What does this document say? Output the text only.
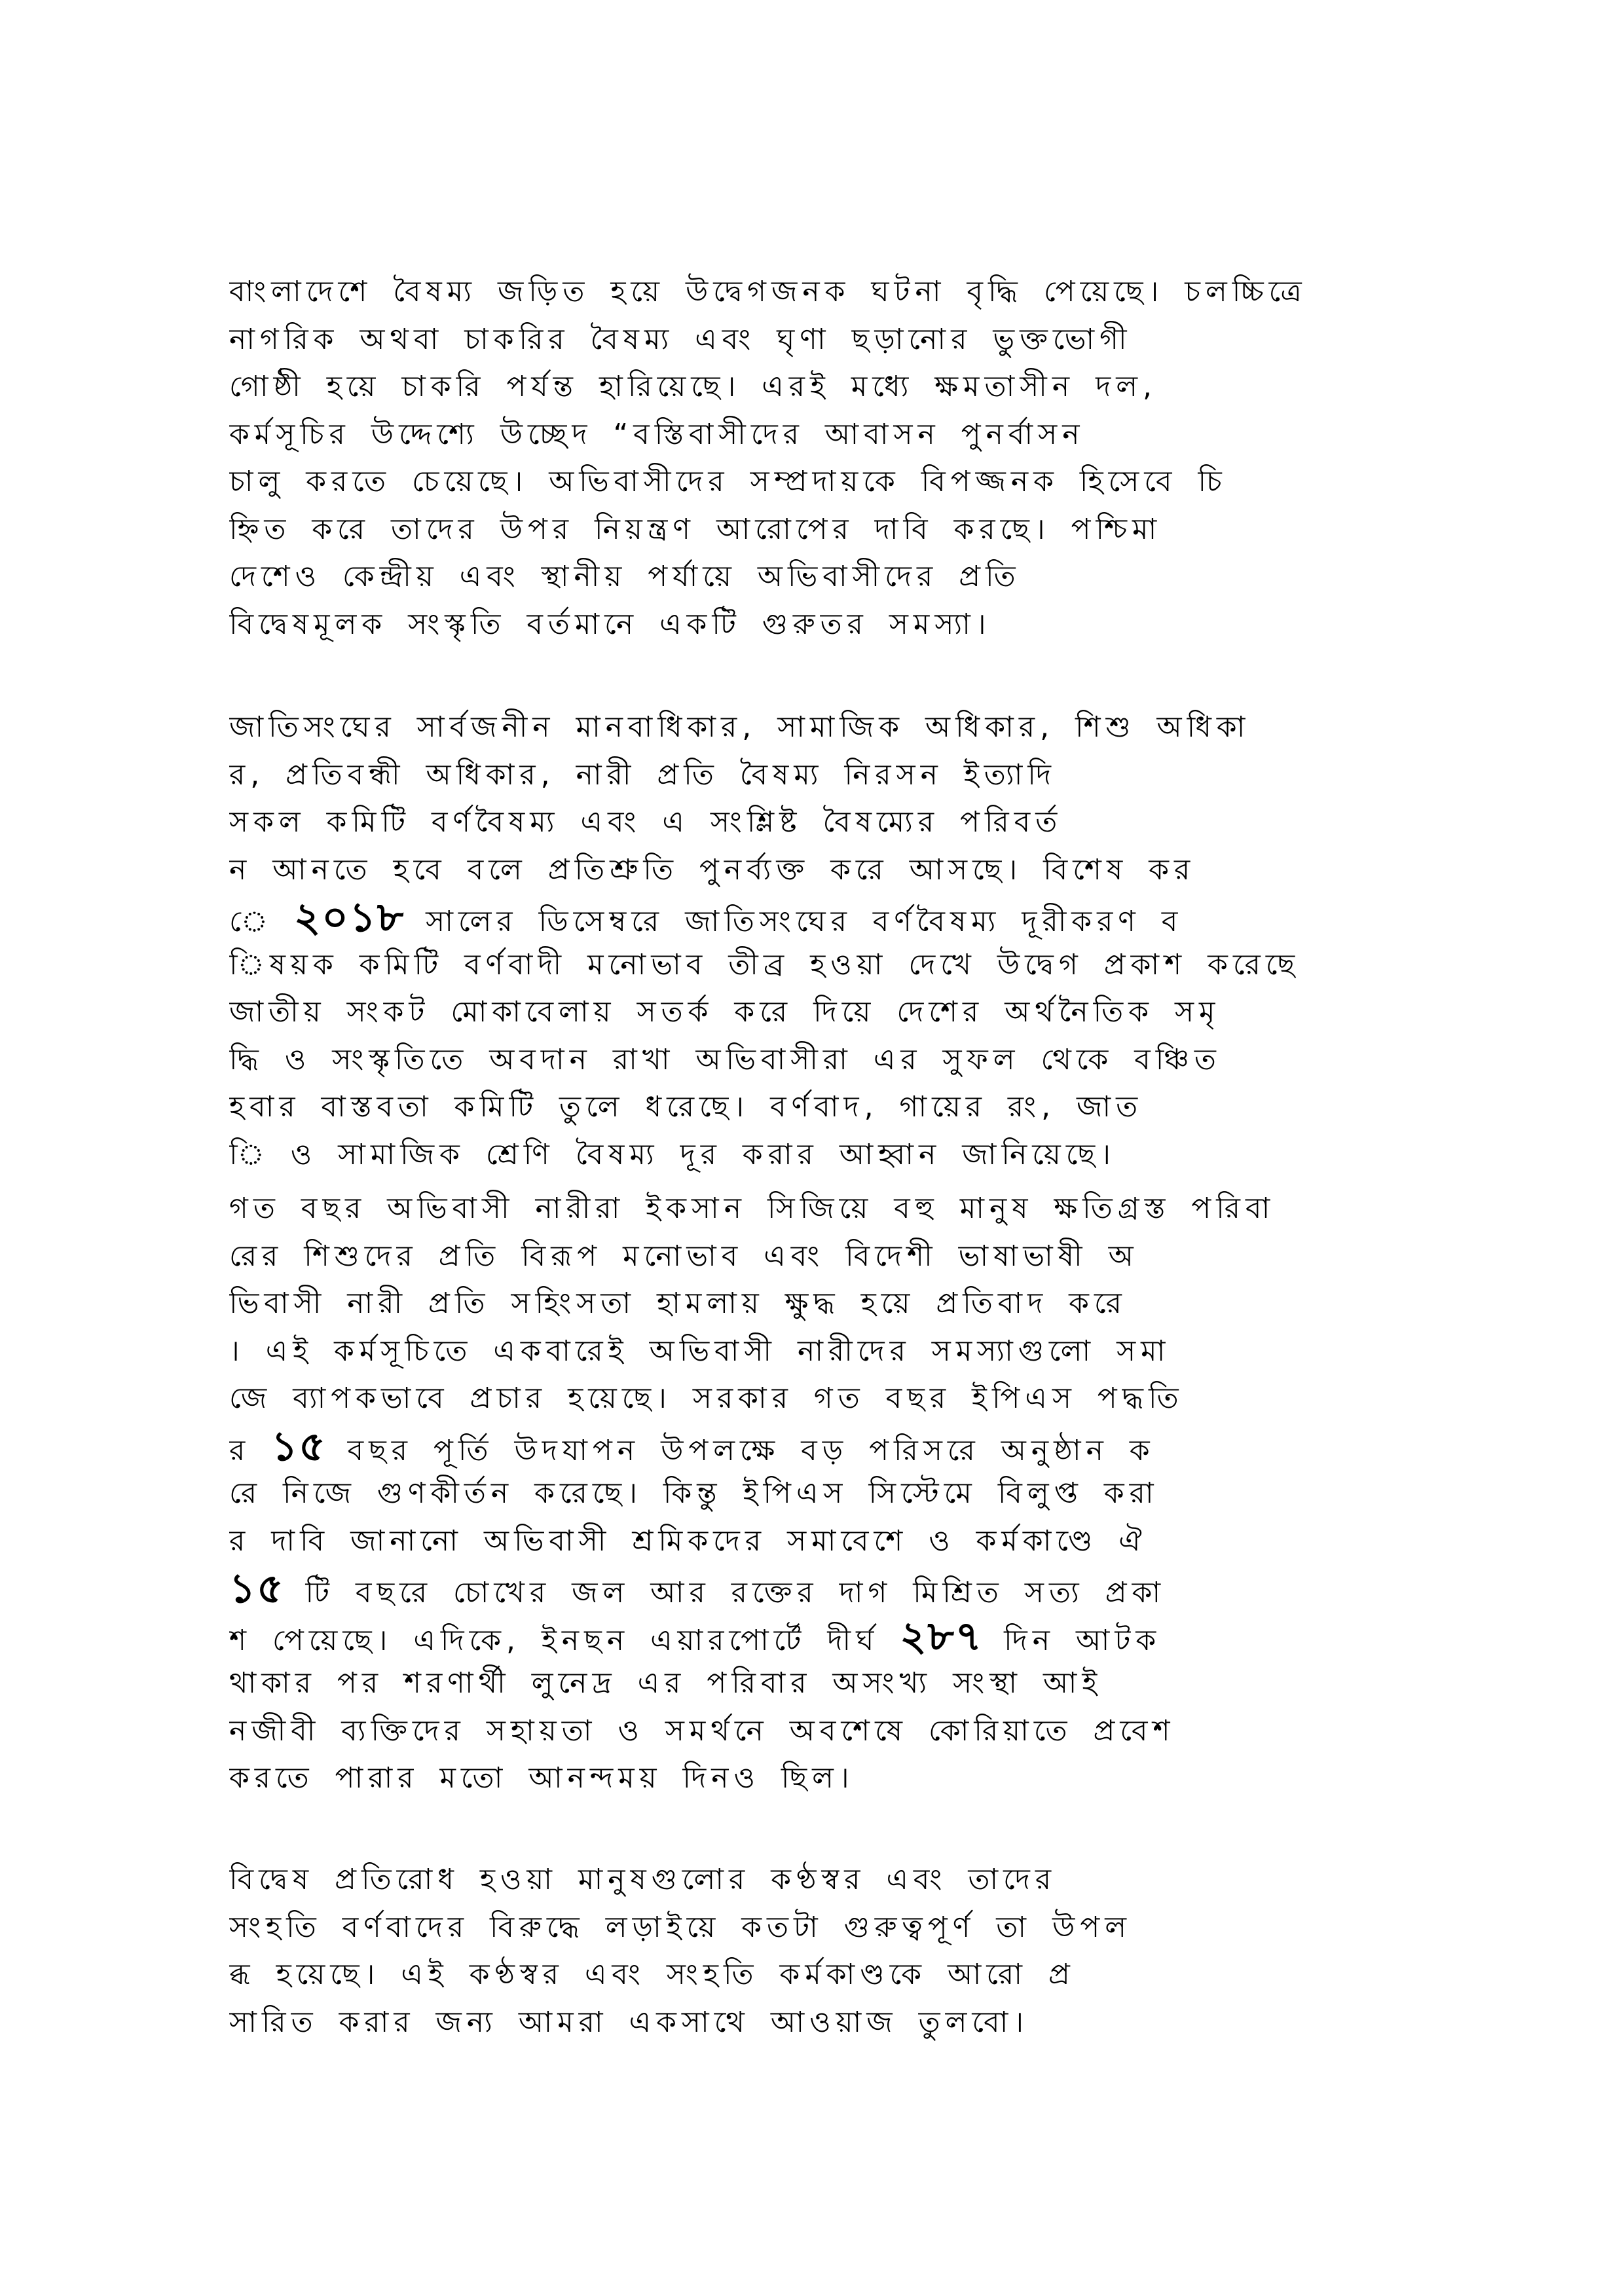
বাংলাদেশে বৈষম্য জড়িত হয়ে উদ্বেগজনক ঘটনা বৃদ্ধি পেয়েছে। চলচ্চিত্রে
নাগরিক অথবা চাকরির বৈষম্য এবং ঘৃণা ছড়ানোর ভুক্তভোগী
গোষ্ঠী হয়ে চাকরি পর্যন্ত হারিয়েছে। এরই মধ্যে ক্ষমতাসীন দল,
কর্মসূচির উদ্দেশ্যে উচ্ছেদ “বস্তিবাসীদের আবাসন পুনর্বাসন
চালু করতে চেয়েছে। অভিবাসীদের সম্প্রদায়কে বিপজ্জনক হিসেবে চি
হ্নিত করে তাদের উপর নিয়ন্ত্রণ আরোপের দাবি করছে। পশ্চিমা
দেশেও কেন্দ্রীয় এবং স্থানীয় পর্যায়ে অভিবাসীদের প্রতি
বিদ্বেষমূলক সংস্কৃতি বর্তমানে একটি গুরুতর সমস্যা।
জাতিসংঘের সার্বজনীন মানবাধিকার, সামাজিক অধিকার, শিশু অধিকা
র, প্রতিবন্ধী অধিকার, নারী প্রতি বৈষম্য নিরসন ইত্যাদি
সকল কমিটি বর্ণবৈষম্য এবং এ সংশ্লিষ্ট বৈষম্যের পরিবর্ত
ন আনতে হবে বলে প্রতিশ্রুতি পুনর্ব্যক্ত করে আসছে। বিশেষ কর
ে ২০১৮ সালের ডিসেম্বরে জাতিসংঘের বর্ণবৈষম্য দূরীকরণ ব
িষয়ক কমিটি বর্ণবাদী মনোভাব তীব্র হওয়া দেখে উদ্বেগ প্রকাশ করেছে
জাতীয় সংকট মোকাবেলায় সতর্ক করে দিয়ে দেশের অর্থনৈতিক সমৃ
দ্ধি ও সংস্কৃতিতে অবদান রাখা অভিবাসীরা এর সুফল থেকে বঞ্চিত
হবার বাস্তবতা কমিটি তুলে ধরেছে। বর্ণবাদ, গায়ের রং, জাত
ি ও সামাজিক শ্রেণি বৈষম্য দূর করার আহ্বান জানিয়েছে।
গত বছর অভিবাসী নারীরা ইকসান সিজিয়ে বহু মানুষ ক্ষতিগ্রস্ত পরিবা
রের শিশুদের প্রতি বিরূপ মনোভাব এবং বিদেশী ভাষাভাষী অ
ভিবাসী নারী প্রতি সহিংসতা হামলায় ক্ষুদ্ধ হয়ে প্রতিবাদ করে
। এই কর্মসূচিতে একবারেই অভিবাসী নারীদের সমস্যাগুলো সমা
জে ব্যাপকভাবে প্রচার হয়েছে। সরকার গত বছর ইপিএস পদ্ধতি
র ১৫ বছর পূর্তি উদযাপন উপলক্ষে বড় পরিসরে অনুষ্ঠান ক
রে নিজে গুণকীর্তন করেছে। কিন্তু ইপিএস সিস্টেমে বিলুপ্ত করা
র দাবি জানানো অভিবাসী শ্রমিকদের সমাবেশে ও কর্মকাণ্ডে ঐ
১৫ টি বছরে চোখের জল আর রক্তের দাগ মিশ্রিত সত্য প্রকা
শ পেয়েছে। এদিকে, ইনছন এয়ারপোর্টে দীর্ঘ ২৮৭ দিন আটক
থাকার পর শরণার্থী লুনেদ্র এর পরিবার অসংখ্য সংস্থা আই
নজীবী ব্যক্তিদের সহায়তা ও সমর্থনে অবশেষে কোরিয়াতে প্রবেশ
করতে পারার মতো আনন্দময় দিনও ছিল।
বিদ্বেষ প্রতিরোধ হওয়া মানুষগুলোর কণ্ঠস্বর এবং তাদের
সংহতি বর্ণবাদের বিরুদ্ধে লড়াইয়ে কতটা গুরুত্বপূর্ণ তা উপল
ব্ধ হয়েছে। এই কণ্ঠস্বর এবং সংহতি কর্মকাণ্ডকে আরো প্র
সারিত করার জন্য আমরা একসাথে আওয়াজ তুলবো।
